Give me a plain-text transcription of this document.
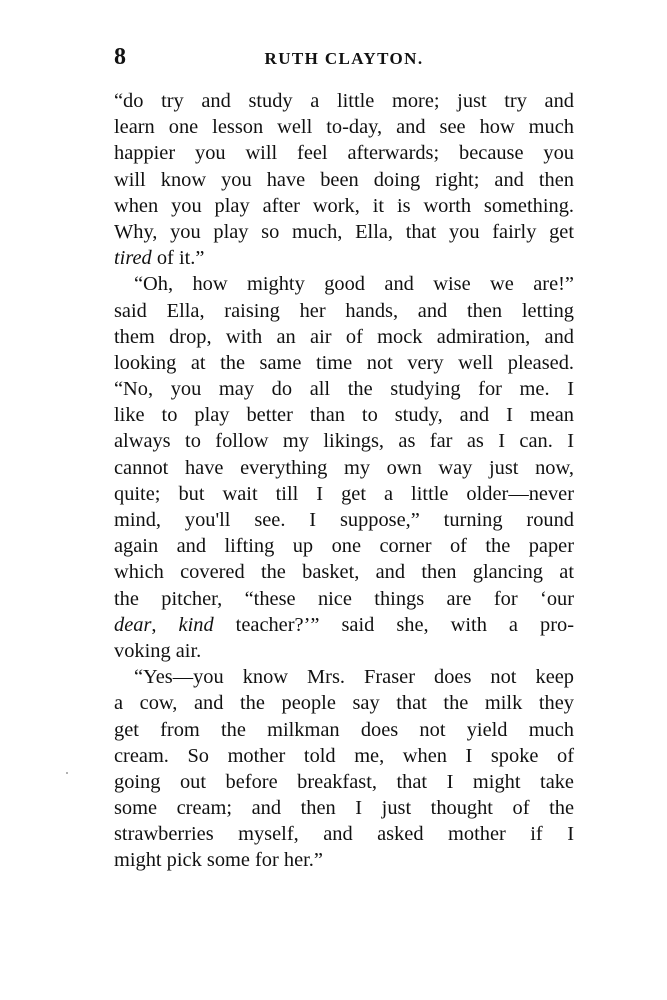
8	RUTH CLAYTON.
“do try and study a little more; just try and
learn one lesson well to-day, and see how much
happier you will feel afterwards; because you
will know you have been doing right; and then
when you play after work, it is worth something.
Why, you play so much, Ella, that you fairly get
tired of it.”
“Oh, how mighty good and wise we are!”
said Ella, raising her hands, and then letting
them drop, with an air of mock admiration, and
looking at the same time not very well pleased.
“No, you may do all the studying for me. I
like to play better than to study, and I mean
always to follow my likings, as far as I can. I
cannot have everything my own way just now,
quite; but wait till I get a little older—never
mind, you'll see. I suppose,” turning round
again and lifting up one corner of the paper
which covered the basket, and then glancing at
the pitcher, “these nice things are for ‘our
dear, kind teacher?’” said she, with a pro-
voking air.
“Yes—you know Mrs. Fraser does not keep
a cow, and the people say that the milk they
get from the milkman does not yield much
cream. So mother told me, when I spoke of
going out before breakfast, that I might take
some cream; and then I just thought of the
strawberries myself, and asked mother if I
might pick some for her.”
